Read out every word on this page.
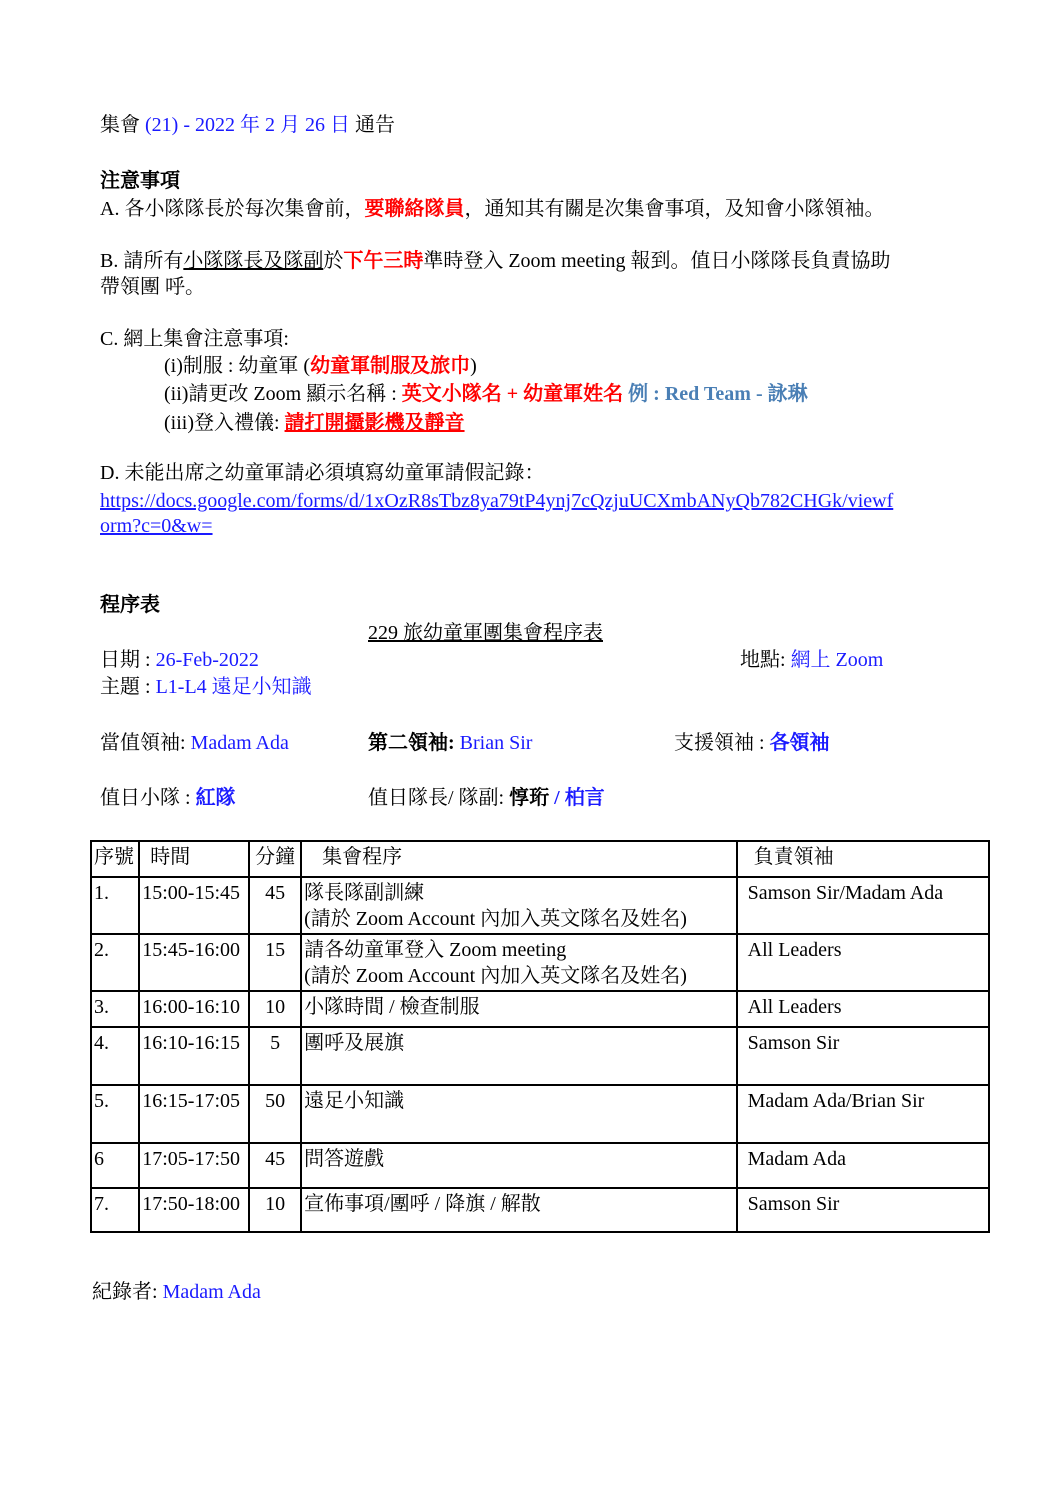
集會 (21) - 2022 年 2 月 26 日 通告
注意事項
A. 各小隊隊長於每次集會前，要聯絡隊員，通知其有關是次集會事項，及知會小隊領袖。
B. 請所有小隊隊長及隊副於下午三時準時登入 Zoom meeting 報到。值日小隊隊長負責協助
帶領團 呼。
C. 網上集會注意事項:
(i)制服 : 幼童軍 (幼童軍制服及旅巾)
(ii)請更改 Zoom 顯示名稱 : 英文小隊名 + 幼童軍姓名 例 : Red Team - 詠琳
(iii)登入禮儀: 請打開攝影機及靜音
D. 未能出席之幼童軍請必須填寫幼童軍請假記錄：
https://docs.google.com/forms/d/1xOzR8sTbz8ya79tP4ynj7cQzjuUCXmbANyQb782CHGk/viewf
orm?c=0&w=
程序表
229 旅幼童軍團集會程序表
日期 : 26-Feb-2022	地點: 網上 Zoom
主題 : L1-L4 遠足小知識
當值領袖: Madam Ada	第二領袖: Brian Sir	支援領袖 : 各領袖
值日小隊 : 紅隊	值日隊長/ 隊副: 惇珩 / 柏言
序號	時間	分鐘	集會程序	負責領袖
1.	15:00-15:45	45	隊長隊副訓練
(請於 Zoom Account 內加入英文隊名及姓名)	Samson Sir/Madam Ada
2.	15:45-16:00	15	請各幼童軍登入 Zoom meeting
(請於 Zoom Account 內加入英文隊名及姓名)	All Leaders
3.	16:00-16:10	10	小隊時間 / 檢查制服	All Leaders
4.	16:10-16:15	5	團呼及展旗	Samson Sir
5.	16:15-17:05	50	遠足小知識	Madam Ada/Brian Sir
6	17:05-17:50	45	問答遊戲	Madam Ada
7.	17:50-18:00	10	宣佈事項/團呼 / 降旗 / 解散	Samson Sir
紀錄者: Madam Ada
